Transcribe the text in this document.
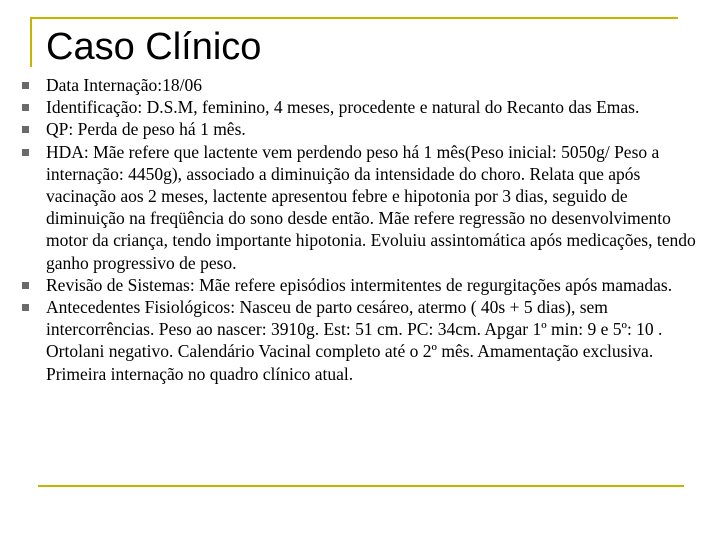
Caso Clínico
Data Internação:18/06
Identificação: D.S.M, feminino, 4 meses, procedente e natural do Recanto das Emas.
QP: Perda de peso há 1 mês.
HDA: Mãe refere que lactente vem perdendo peso há 1 mês(Peso inicial: 5050g/ Peso a internação: 4450g), associado a diminuição da intensidade do choro. Relata que após vacinação aos 2 meses, lactente apresentou febre e hipotonia por 3 dias, seguido de diminuição na freqüência do sono desde então. Mãe refere regressão no desenvolvimento motor da criança, tendo importante hipotonia. Evoluiu assintomática após medicações, tendo ganho progressivo de peso.
Revisão de Sistemas: Mãe refere episódios intermitentes de regurgitações após mamadas.
Antecedentes Fisiológicos: Nasceu de parto cesáreo, atermo ( 40s + 5 dias), sem intercorrências. Peso ao nascer: 3910g. Est: 51 cm. PC: 34cm. Apgar 1º min: 9 e 5º: 10 . Ortolani negativo. Calendário Vacinal completo até o 2º mês. Amamentação exclusiva. Primeira internação no quadro clínico atual.
